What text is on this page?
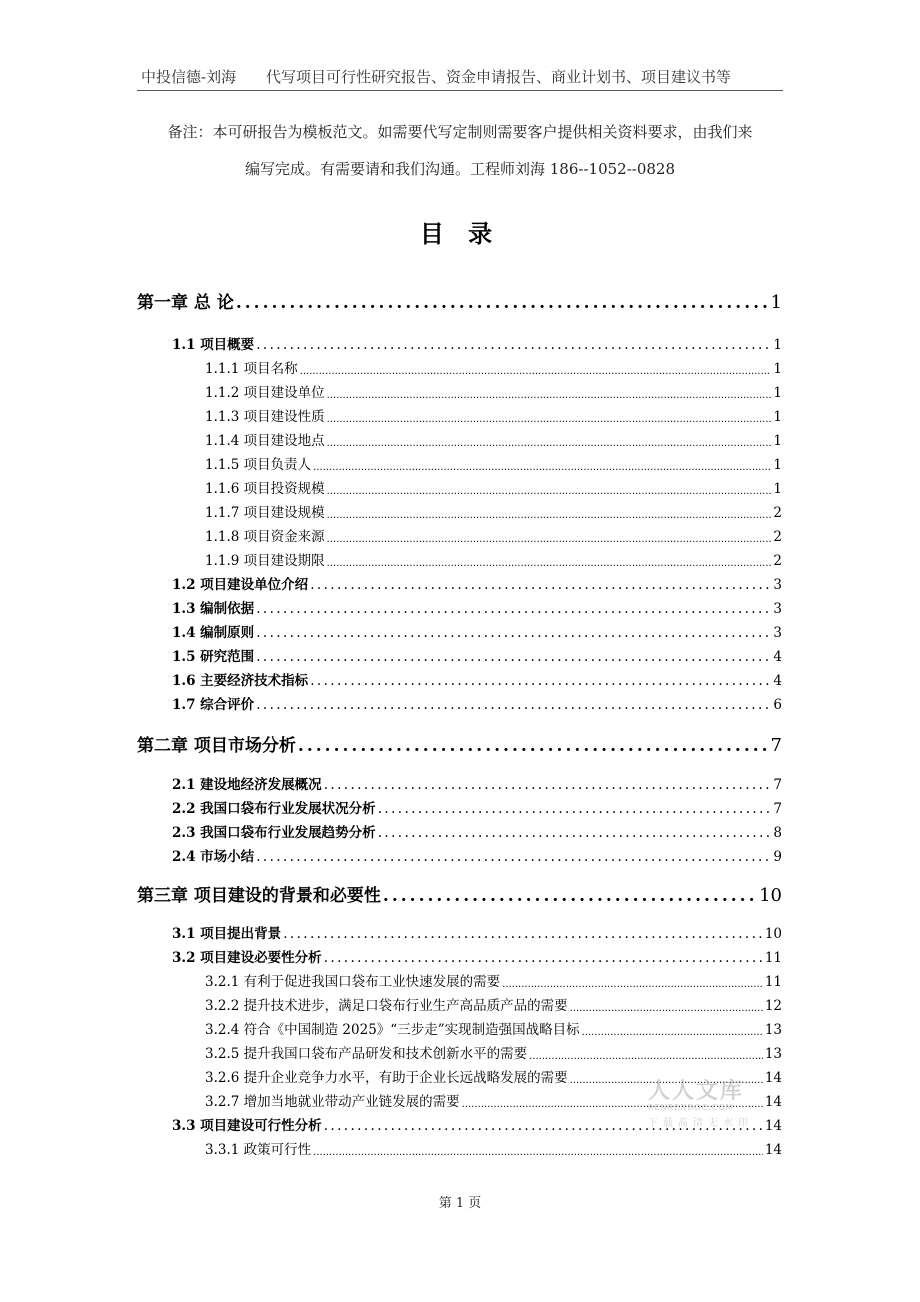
中投信德-刘海 代写项目可行性研究报告、资金申请报告、商业计划书、项目建议书等
备注：本可研报告为模板范文。如需要代写定制则需要客户提供相关资料要求，由我们来
编写完成。有需要请和我们沟通。工程师刘海 186--1052--0828
目 录
第一章 总 论 .....	1
1.1 项目概要 .....	1
1.1.1 项目名称 .....	1
1.1.2 项目建设单位 .....	1
1.1.3 项目建设性质 .....	1
1.1.4 项目建设地点 .....	1
1.1.5 项目负责人 .....	1
1.1.6 项目投资规模 .....	1
1.1.7 项目建设规模 .....	2
1.1.8 项目资金来源 .....	2
1.1.9 项目建设期限 .....	2
1.2 项目建设单位介绍 .....	3
1.3 编制依据 .....	3
1.4 编制原则 .....	3
1.5 研究范围 .....	4
1.6 主要经济技术指标 .....	4
1.7 综合评价 .....	6
第二章 项目市场分析 .....	7
2.1 建设地经济发展概况 .....	7
2.2 我国口袋布行业发展状况分析 .....	7
2.3 我国口袋布行业发展趋势分析 .....	8
2.4 市场小结 .....	9
第三章 项目建设的背景和必要性 .....	10
3.1 项目提出背景 .....	10
3.2 项目建设必要性分析 .....	11
3.2.1 有利于促进我国口袋布工业快速发展的需要 .....	11
3.2.2 提升技术进步，满足口袋布行业生产高品质产品的需要 .....	12
3.2.4 符合《中国制造 2025》“三步走”实现制造强国战略目标 .....	13
3.2.5 提升我国口袋布产品研发和技术创新水平的需要 .....	13
3.2.6 提升企业竞争力水平，有助于企业长远战略发展的需要 .....	14
3.2.7 增加当地就业带动产业链发展的需要 .....	14
3.3 项目建设可行性分析 .....	14
3.3.1 政策可行性 .....	14
人人文库
RENRENDOC.COM
下载高清无水印
第 1 页
